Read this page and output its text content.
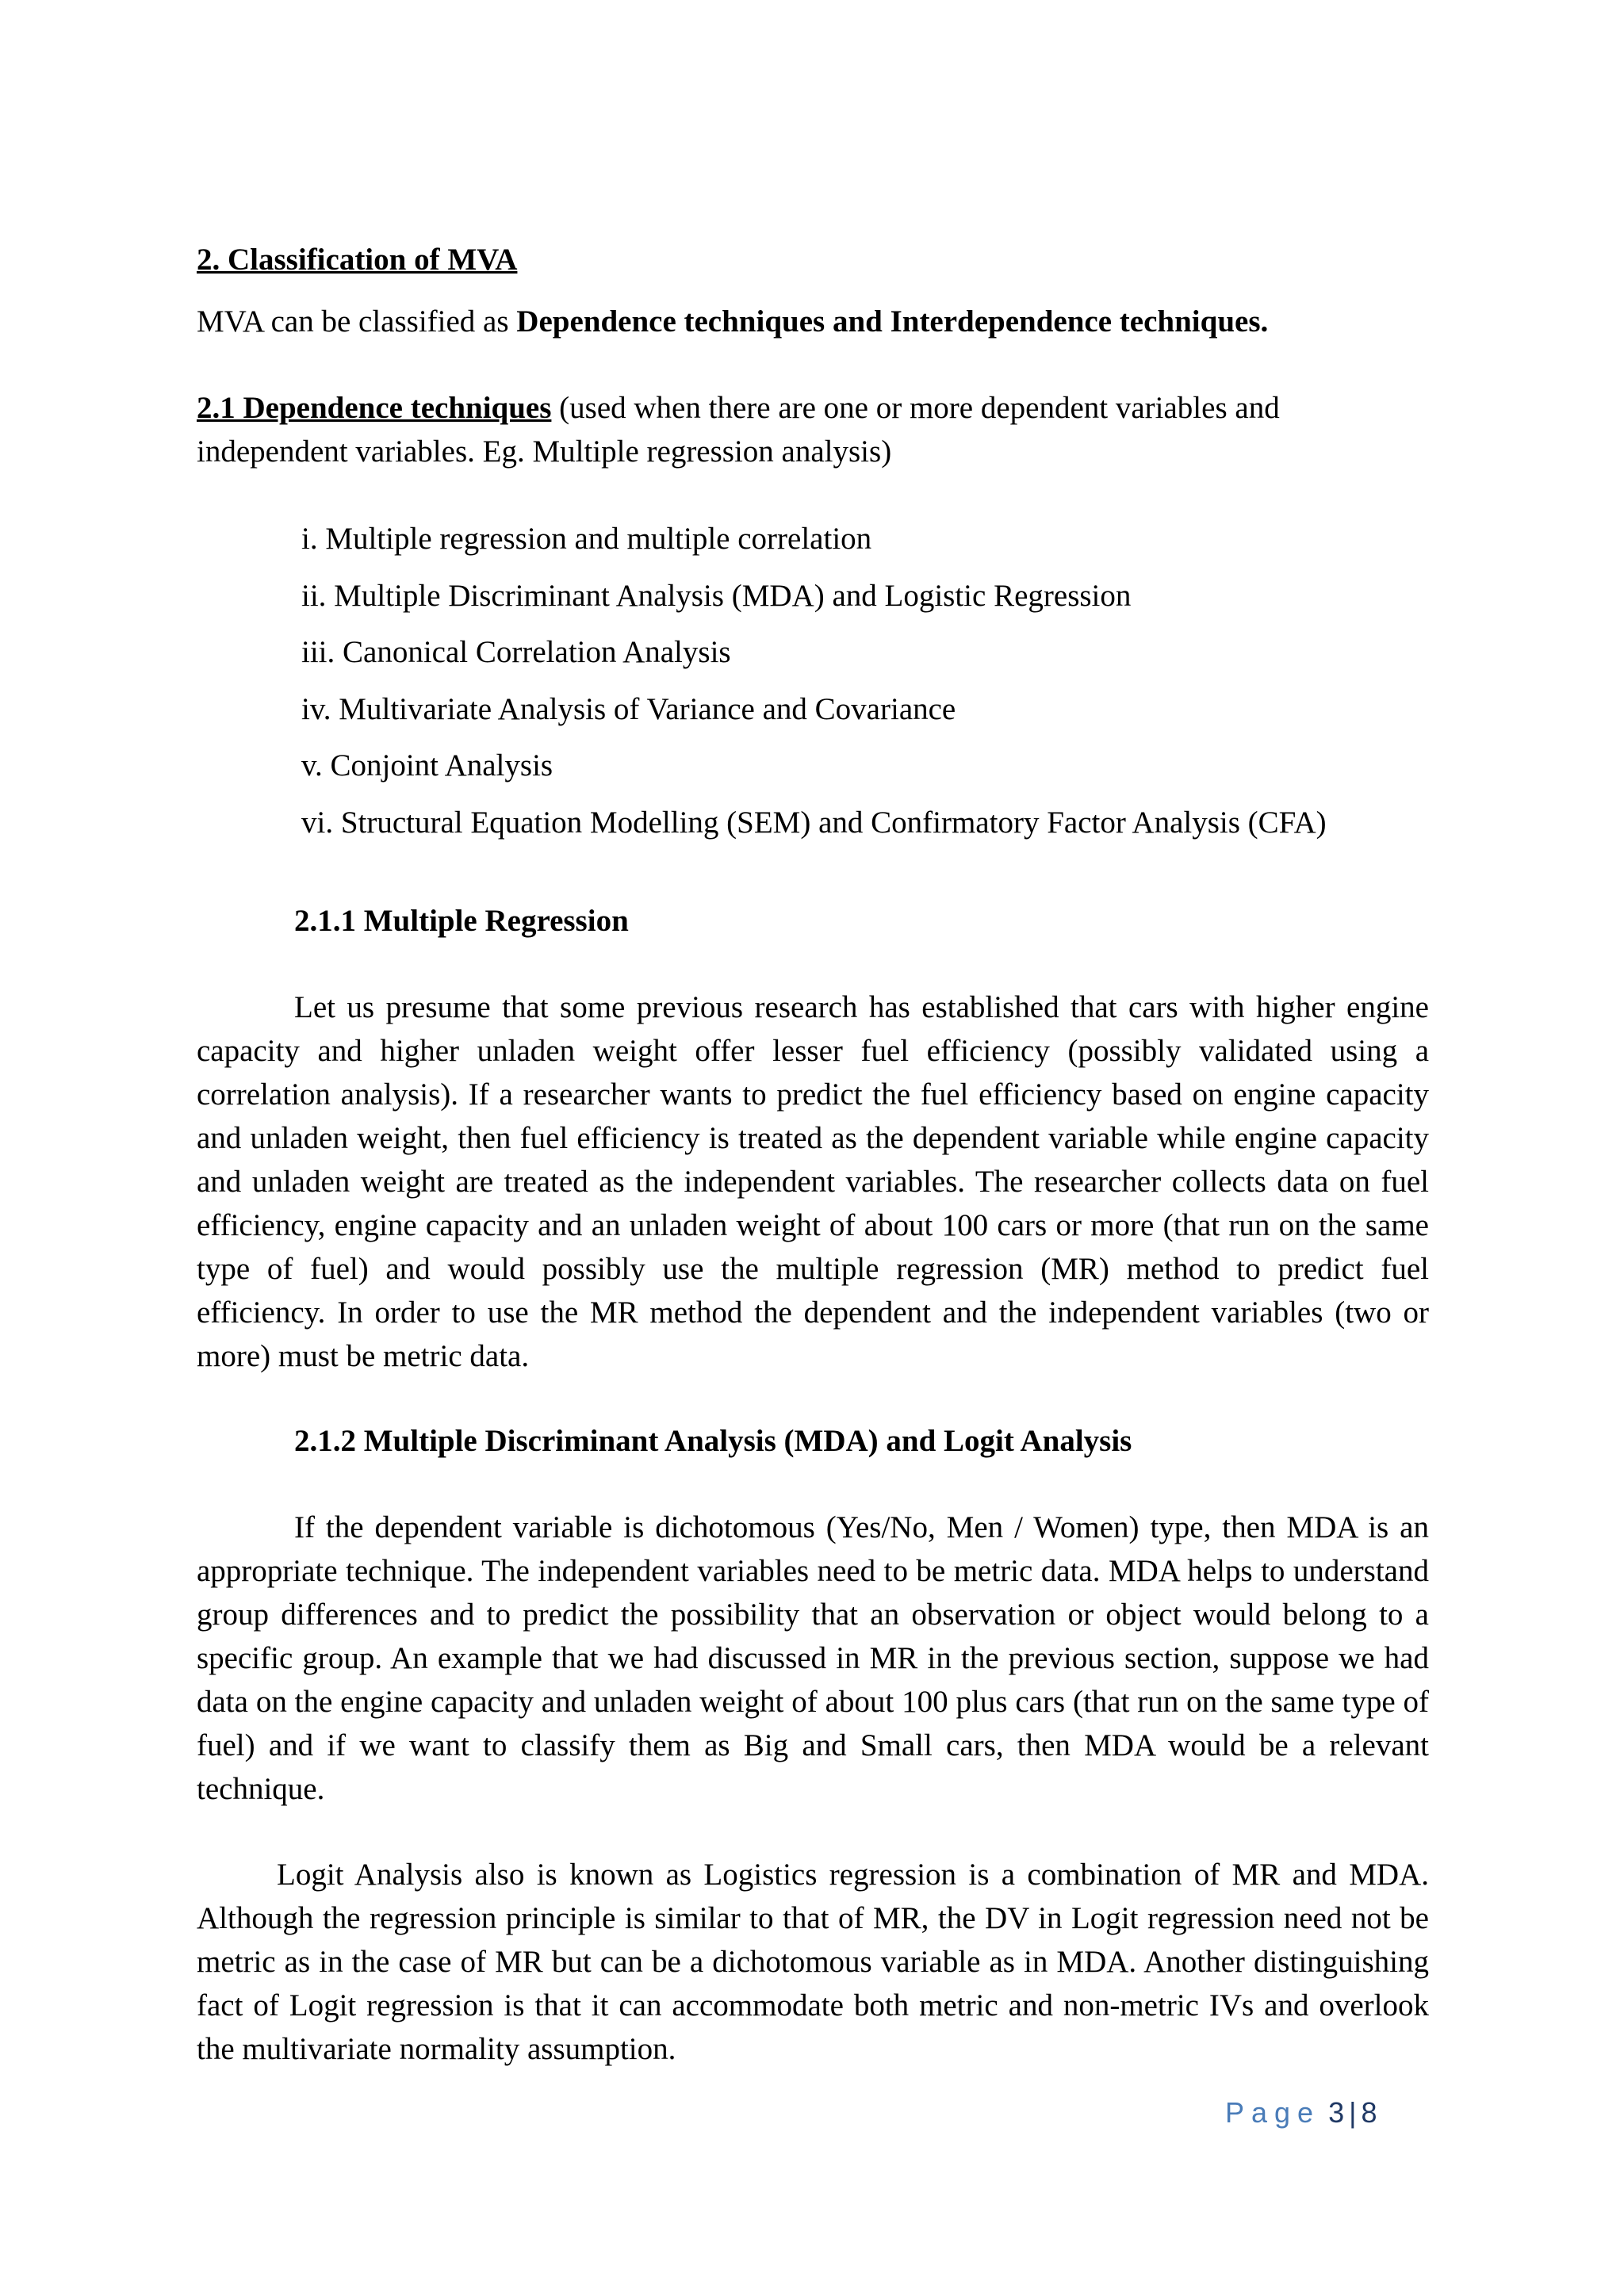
2. Classification of MVA

MVA can be classified as Dependence techniques and Interdependence techniques.

2.1 Dependence techniques (used when there are one or more dependent variables and independent variables. Eg. Multiple regression analysis)

i. Multiple regression and multiple correlation
ii. Multiple Discriminant Analysis (MDA) and Logistic Regression
iii. Canonical Correlation Analysis
iv. Multivariate Analysis of Variance and Covariance
v. Conjoint Analysis
vi. Structural Equation Modelling (SEM) and Confirmatory Factor Analysis (CFA)

2.1.1 Multiple Regression

Let us presume that some previous research has established that cars with higher engine capacity and higher unladen weight offer lesser fuel efficiency (possibly validated using a correlation analysis). If a researcher wants to predict the fuel efficiency based on engine capacity and unladen weight, then fuel efficiency is treated as the dependent variable while engine capacity and unladen weight are treated as the independent variables. The researcher collects data on fuel efficiency, engine capacity and an unladen weight of about 100 cars or more (that run on the same type of fuel) and would possibly use the multiple regression (MR) method to predict fuel efficiency. In order to use the MR method the dependent and the independent variables (two or more) must be metric data.

2.1.2 Multiple Discriminant Analysis (MDA) and Logit Analysis

If the dependent variable is dichotomous (Yes/No, Men / Women) type, then MDA is an appropriate technique. The independent variables need to be metric data. MDA helps to understand group differences and to predict the possibility that an observation or object would belong to a specific group. An example that we had discussed in MR in the previous section, suppose we had data on the engine capacity and unladen weight of about 100 plus cars (that run on the same type of fuel) and if we want to classify them as Big and Small cars, then MDA would be a relevant technique.

Logit Analysis also is known as Logistics regression is a combination of MR and MDA. Although the regression principle is similar to that of MR, the DV in Logit regression need not be metric as in the case of MR but can be a dichotomous variable as in MDA. Another distinguishing fact of Logit regression is that it can accommodate both metric and non-metric IVs and overlook the multivariate normality assumption.

Page 3 | 8
